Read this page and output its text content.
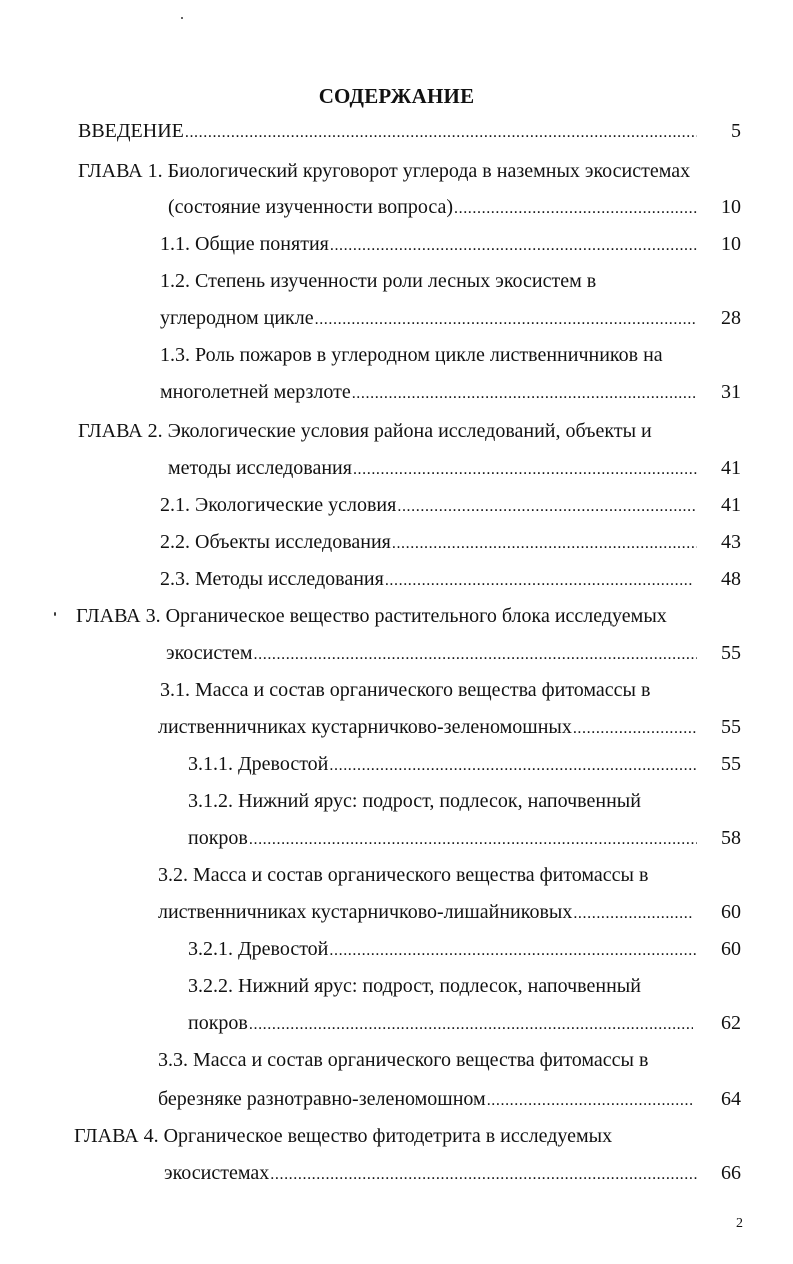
СОДЕРЖАНИЕ
ВВЕДЕНИЕ .....	5
ГЛАВА 1. Биологический круговорот углерода в наземных экосистемах
(состояние изученности вопроса) .....	10
1.1. Общие понятия .....	10
1.2. Степень изученности роли лесных экосистем в
углеродном цикле .....	28
1.3. Роль пожаров в углеродном цикле лиственничников на
многолетней мерзлоте .....	31
ГЛАВА 2. Экологические условия района исследований, объекты и
методы исследования .....	41
2.1. Экологические условия .....	41
2.2. Объекты исследования .....	43
2.3. Методы исследования .....	48
ГЛАВА 3. Органическое вещество растительного блока исследуемых
экосистем .....	55
3.1. Масса и состав органического вещества фитомассы в
лиственничниках кустарничково-зеленомошных .....	55
3.1.1. Древостой .....	55
3.1.2. Нижний ярус: подрост, подлесок, напочвенный
покров .....	58
3.2. Масса и состав органического вещества фитомассы в
лиственничниках кустарничково-лишайниковых .....	60
3.2.1. Древостой .....	60
3.2.2. Нижний ярус: подрост, подлесок, напочвенный
покров .....	62
3.3. Масса и состав органического вещества фитомассы в
березняке разнотравно-зеленомошном .....	64
ГЛАВА 4. Органическое вещество фитодетрита в исследуемых
экосистемах .....	66
2
